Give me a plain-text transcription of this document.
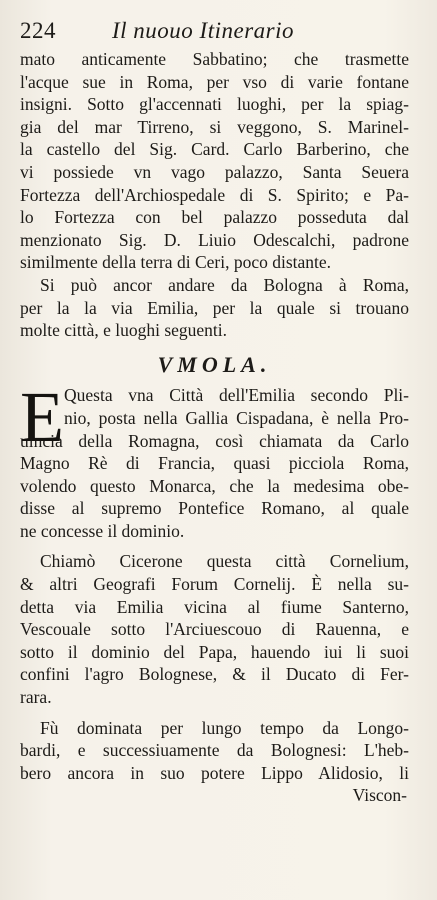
224	Il nuouo Itinerario
mato anticamente Sabbatino; che trasmette
l'acque sue in Roma, per vso di varie fontane
insigni. Sotto gl'accennati luoghi, per la spiag-
gia del mar Tirreno, si veggono, S. Marinel-
la castello del Sig. Card. Carlo Barberino, che
vi possiede vn vago palazzo, Santa Seuera
Fortezza dell'Archiospedale di S. Spirito; e Pa-
lo Fortezza con bel palazzo posseduta dal
menzionato Sig. D. Liuio Odescalchi, padrone
similmente della terra di Ceri, poco distante.
Si può ancor andare da Bologna à Roma,
per la la via Emilia, per la quale si trouano
molte città, e luoghi seguenti.
VMOLA.
E Questa vna Città dell'Emilia secondo Pli-
nio, posta nella Gallia Cispadana, è nella Pro-
uincia della Romagna, così chiamata da Carlo
Magno Rè di Francia, quasi picciola Roma,
volendo questo Monarca, che la medesima obe-
disse al supremo Pontefice Romano, al quale
ne concesse il dominio.
Chiamò Cicerone questa città Cornelium,
& altri Geografi Forum Cornelij. È nella su-
detta via Emilia vicina al fiume Santerno,
Vescouale sotto l'Arciuescouo di Rauenna, e
sotto il dominio del Papa, hauendo iui li suoi
confini l'agro Bolognese, & il Ducato di Fer-
rara.
Fù dominata per lungo tempo da Longo-
bardi, e successiuamente da Bolognesi: L'heb-
bero ancora in suo potere Lippo Alidosio, li
Viscon-
